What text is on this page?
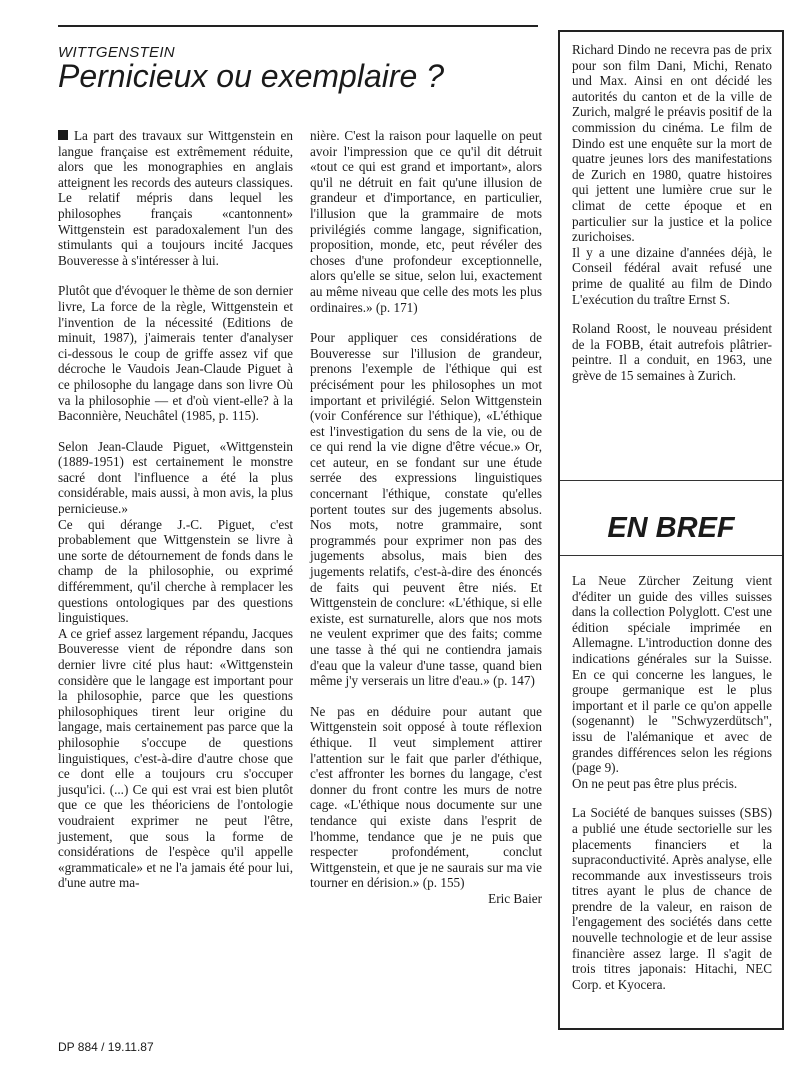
WITTGENSTEIN
Pernicieux ou exemplaire ?

La part des travaux sur Wittgenstein en langue française est extrêmement réduite, alors que les monographies en anglais atteignent les records des auteurs classiques. Le relatif mépris dans lequel les philosophes français «cantonnent» Wittgenstein est paradoxalement l'un des stimulants qui a toujours incité Jacques Bouveresse à s'intéresser à lui.

Plutôt que d'évoquer le thème de son dernier livre, La force de la règle, Wittgenstein et l'invention de la nécessité (Editions de minuit, 1987), j'aimerais tenter d'analyser ci-dessous le coup de griffe assez vif que décroche le Vaudois Jean-Claude Piguet à ce philosophe du langage dans son livre Où va la philosophie — et d'où vient-elle? à la Baconnière, Neuchâtel (1985, p. 115).

Selon Jean-Claude Piguet, «Wittgenstein (1889-1951) est certainement le monstre sacré dont l'influence a été la plus considérable, mais aussi, à mon avis, la plus pernicieuse.»

Ce qui dérange J.-C. Piguet, c'est probablement que Wittgenstein se livre à une sorte de détournement de fonds dans le champ de la philosophie, ou exprimé différemment, qu'il cherche à remplacer les questions ontologiques par des questions linguistiques.

A ce grief assez largement répandu, Jacques Bouveresse vient de répondre dans son dernier livre cité plus haut: «Wittgenstein considère que le langage est important pour la philosophie, parce que les questions philosophiques tirent leur origine du langage, mais certainement pas parce que la philosophie s'occupe de questions linguistiques, c'est-à-dire d'autre chose que ce dont elle a toujours cru s'occuper jusqu'ici. (...) Ce qui est vrai est bien plutôt que ce que les théoriciens de l'ontologie voudraient exprimer ne peut l'être, justement, que sous la forme de considérations de l'espèce qu'il appelle «grammaticale» et ne l'a jamais été pour lui, d'une autre ma-

nière. C'est la raison pour laquelle on peut avoir l'impression que ce qu'il dit détruit «tout ce qui est grand et important», alors qu'il ne détruit en fait qu'une illusion de grandeur et d'importance, en particulier, l'illusion que la grammaire de mots privilégiés comme langage, signification, proposition, monde, etc, peut révéler des choses d'une profondeur exceptionnelle, alors qu'elle se situe, selon lui, exactement au même niveau que celle des mots les plus ordinaires.» (p. 171)

Pour appliquer ces considérations de Bouveresse sur l'illusion de grandeur, prenons l'exemple de l'éthique qui est précisément pour les philosophes un mot important et privilégié. Selon Wittgenstein (voir Conférence sur l'éthique), «L'éthique est l'investigation du sens de la vie, ou de ce qui rend la vie digne d'être vécue.» Or, cet auteur, en se fondant sur une étude serrée des expressions linguistiques concernant l'éthique, constate qu'elles portent toutes sur des jugements absolus. Nos mots, notre grammaire, sont programmés pour exprimer non pas des jugements absolus, mais bien des jugements relatifs, c'est-à-dire des énoncés de faits qui peuvent être niés. Et Wittgenstein de conclure: «L'éthique, si elle existe, est surnaturelle, alors que nos mots ne veulent exprimer que des faits; comme une tasse à thé qui ne contiendra jamais d'eau que la valeur d'une tasse, quand bien même j'y verserais un litre d'eau.» (p. 147)

Ne pas en déduire pour autant que Wittgenstein soit opposé à toute réflexion éthique. Il veut simplement attirer l'attention sur le fait que parler d'éthique, c'est affronter les bornes du langage, c'est donner du front contre les murs de notre cage. «L'éthique nous documente sur une tendance qui existe dans l'esprit de l'homme, tendance que je ne puis que respecter profondément, conclut Wittgenstein, et que je ne saurais sur ma vie tourner en dérision.» (p. 155)

Eric Baier

Richard Dindo ne recevra pas de prix pour son film Dani, Michi, Renato und Max. Ainsi en ont décidé les autorités du canton et de la ville de Zurich, malgré le préavis positif de la commission du cinéma. Le film de Dindo est une enquête sur la mort de quatre jeunes lors des manifestations de Zurich en 1980, quatre histoires qui jettent une lumière crue sur le climat de cette époque et en particulier sur la justice et la police zurichoises.

Il y a une dizaine d'années déjà, le Conseil fédéral avait refusé une prime de qualité au film de Dindo L'exécution du traître Ernst S.

Roland Roost, le nouveau président de la FOBB, était autrefois plâtrier-peintre. Il a conduit, en 1963, une grève de 15 semaines à Zurich.

EN BREF

La Neue Zürcher Zeitung vient d'éditer un guide des villes suisses dans la collection Polyglott. C'est une édition spéciale imprimée en Allemagne. L'introduction donne des indications générales sur la Suisse. En ce qui concerne les langues, le groupe germanique est le plus important et il parle ce qu'on appelle (sogenannt) le "Schwyzerdütsch", issu de l'alémanique et avec de grandes différences selon les régions (page 9).

On ne peut pas être plus précis.

La Société de banques suisses (SBS) a publié une étude sectorielle sur les placements financiers et la supraconductivité. Après analyse, elle recommande aux investisseurs trois titres ayant le plus de chance de prendre de la valeur, en raison de l'engagement des sociétés dans cette nouvelle technologie et de leur assise financière assez large. Il s'agit de trois titres japonais: Hitachi, NEC Corp. et Kyocera.

DP 884 / 19.11.87
